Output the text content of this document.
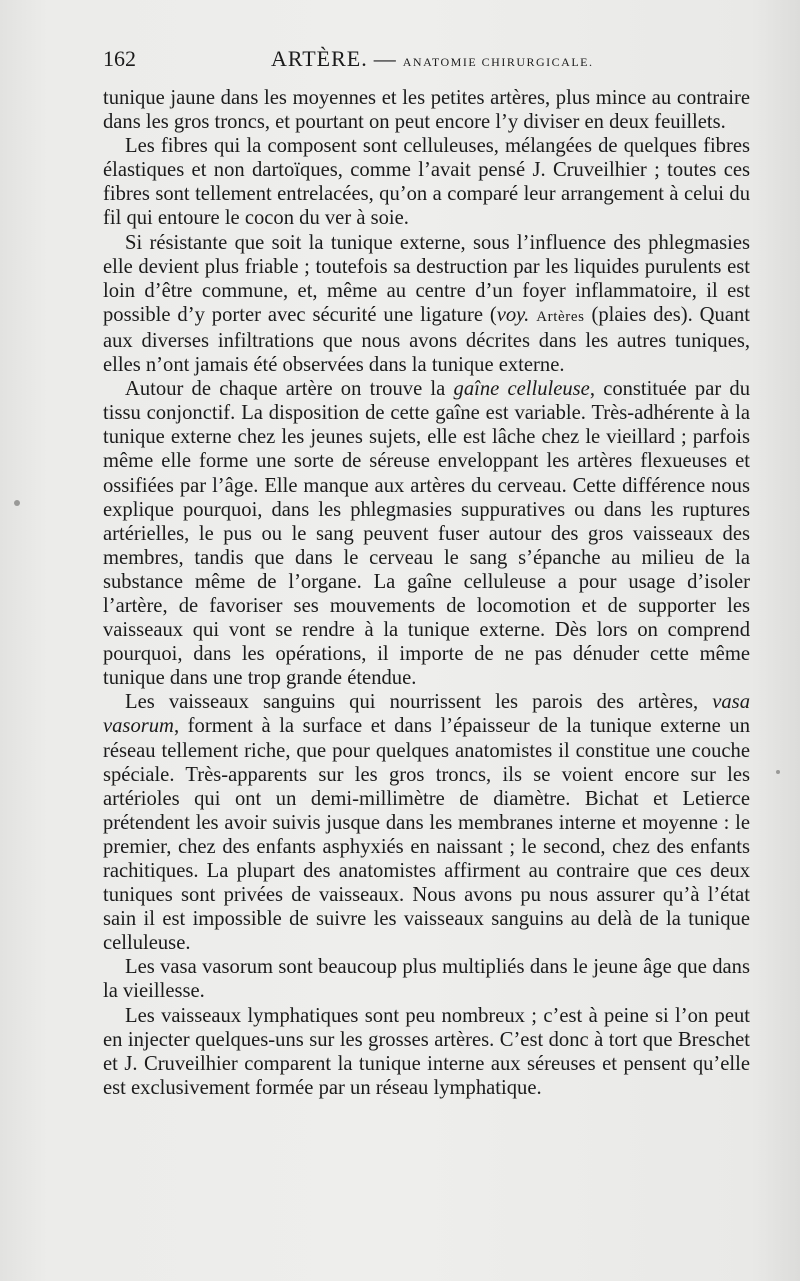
162	ARTÈRE. — ANATOMIE CHIRURGICALE.

tunique jaune dans les moyennes et les petites artères, plus mince au contraire dans les gros troncs, et pourtant on peut encore l’y diviser en deux feuillets.

Les fibres qui la composent sont celluleuses, mélangées de quelques fibres élastiques et non dartoïques, comme l’avait pensé J. Cruveilhier ; toutes ces fibres sont tellement entrelacées, qu’on a comparé leur arrangement à celui du fil qui entoure le cocon du ver à soie.

Si résistante que soit la tunique externe, sous l’influence des phlegmasies elle devient plus friable ; toutefois sa destruction par les liquides purulents est loin d’être commune, et, même au centre d’un foyer inflammatoire, il est possible d’y porter avec sécurité une ligature (voy. Artères (plaies des). Quant aux diverses infiltrations que nous avons décrites dans les autres tuniques, elles n’ont jamais été observées dans la tunique externe.

Autour de chaque artère on trouve la gaîne celluleuse, constituée par du tissu conjonctif. La disposition de cette gaîne est variable. Très-adhérente à la tunique externe chez les jeunes sujets, elle est lâche chez le vieillard ; parfois même elle forme une sorte de séreuse enveloppant les artères flexueuses et ossifiées par l’âge. Elle manque aux artères du cerveau. Cette différence nous explique pourquoi, dans les phlegmasies suppuratives ou dans les ruptures artérielles, le pus ou le sang peuvent fuser autour des gros vaisseaux des membres, tandis que dans le cerveau le sang s’épanche au milieu de la substance même de l’organe. La gaîne celluleuse a pour usage d’isoler l’artère, de favoriser ses mouvements de locomotion et de supporter les vaisseaux qui vont se rendre à la tunique externe. Dès lors on comprend pourquoi, dans les opérations, il importe de ne pas dénuder cette même tunique dans une trop grande étendue.

Les vaisseaux sanguins qui nourrissent les parois des artères, vasa vasorum, forment à la surface et dans l’épaisseur de la tunique externe un réseau tellement riche, que pour quelques anatomistes il constitue une couche spéciale. Très-apparents sur les gros troncs, ils se voient encore sur les artérioles qui ont un demi-millimètre de diamètre. Bichat et Letierce prétendent les avoir suivis jusque dans les membranes interne et moyenne : le premier, chez des enfants asphyxiés en naissant ; le second, chez des enfants rachitiques. La plupart des anatomistes affirment au contraire que ces deux tuniques sont privées de vaisseaux. Nous avons pu nous assurer qu’à l’état sain il est impossible de suivre les vaisseaux sanguins au delà de la tunique celluleuse.

Les vasa vasorum sont beaucoup plus multipliés dans le jeune âge que dans la vieillesse.

Les vaisseaux lymphatiques sont peu nombreux ; c’est à peine si l’on peut en injecter quelques-uns sur les grosses artères. C’est donc à tort que Breschet et J. Cruveilhier comparent la tunique interne aux séreuses et pensent qu’elle est exclusivement formée par un réseau lymphatique.
